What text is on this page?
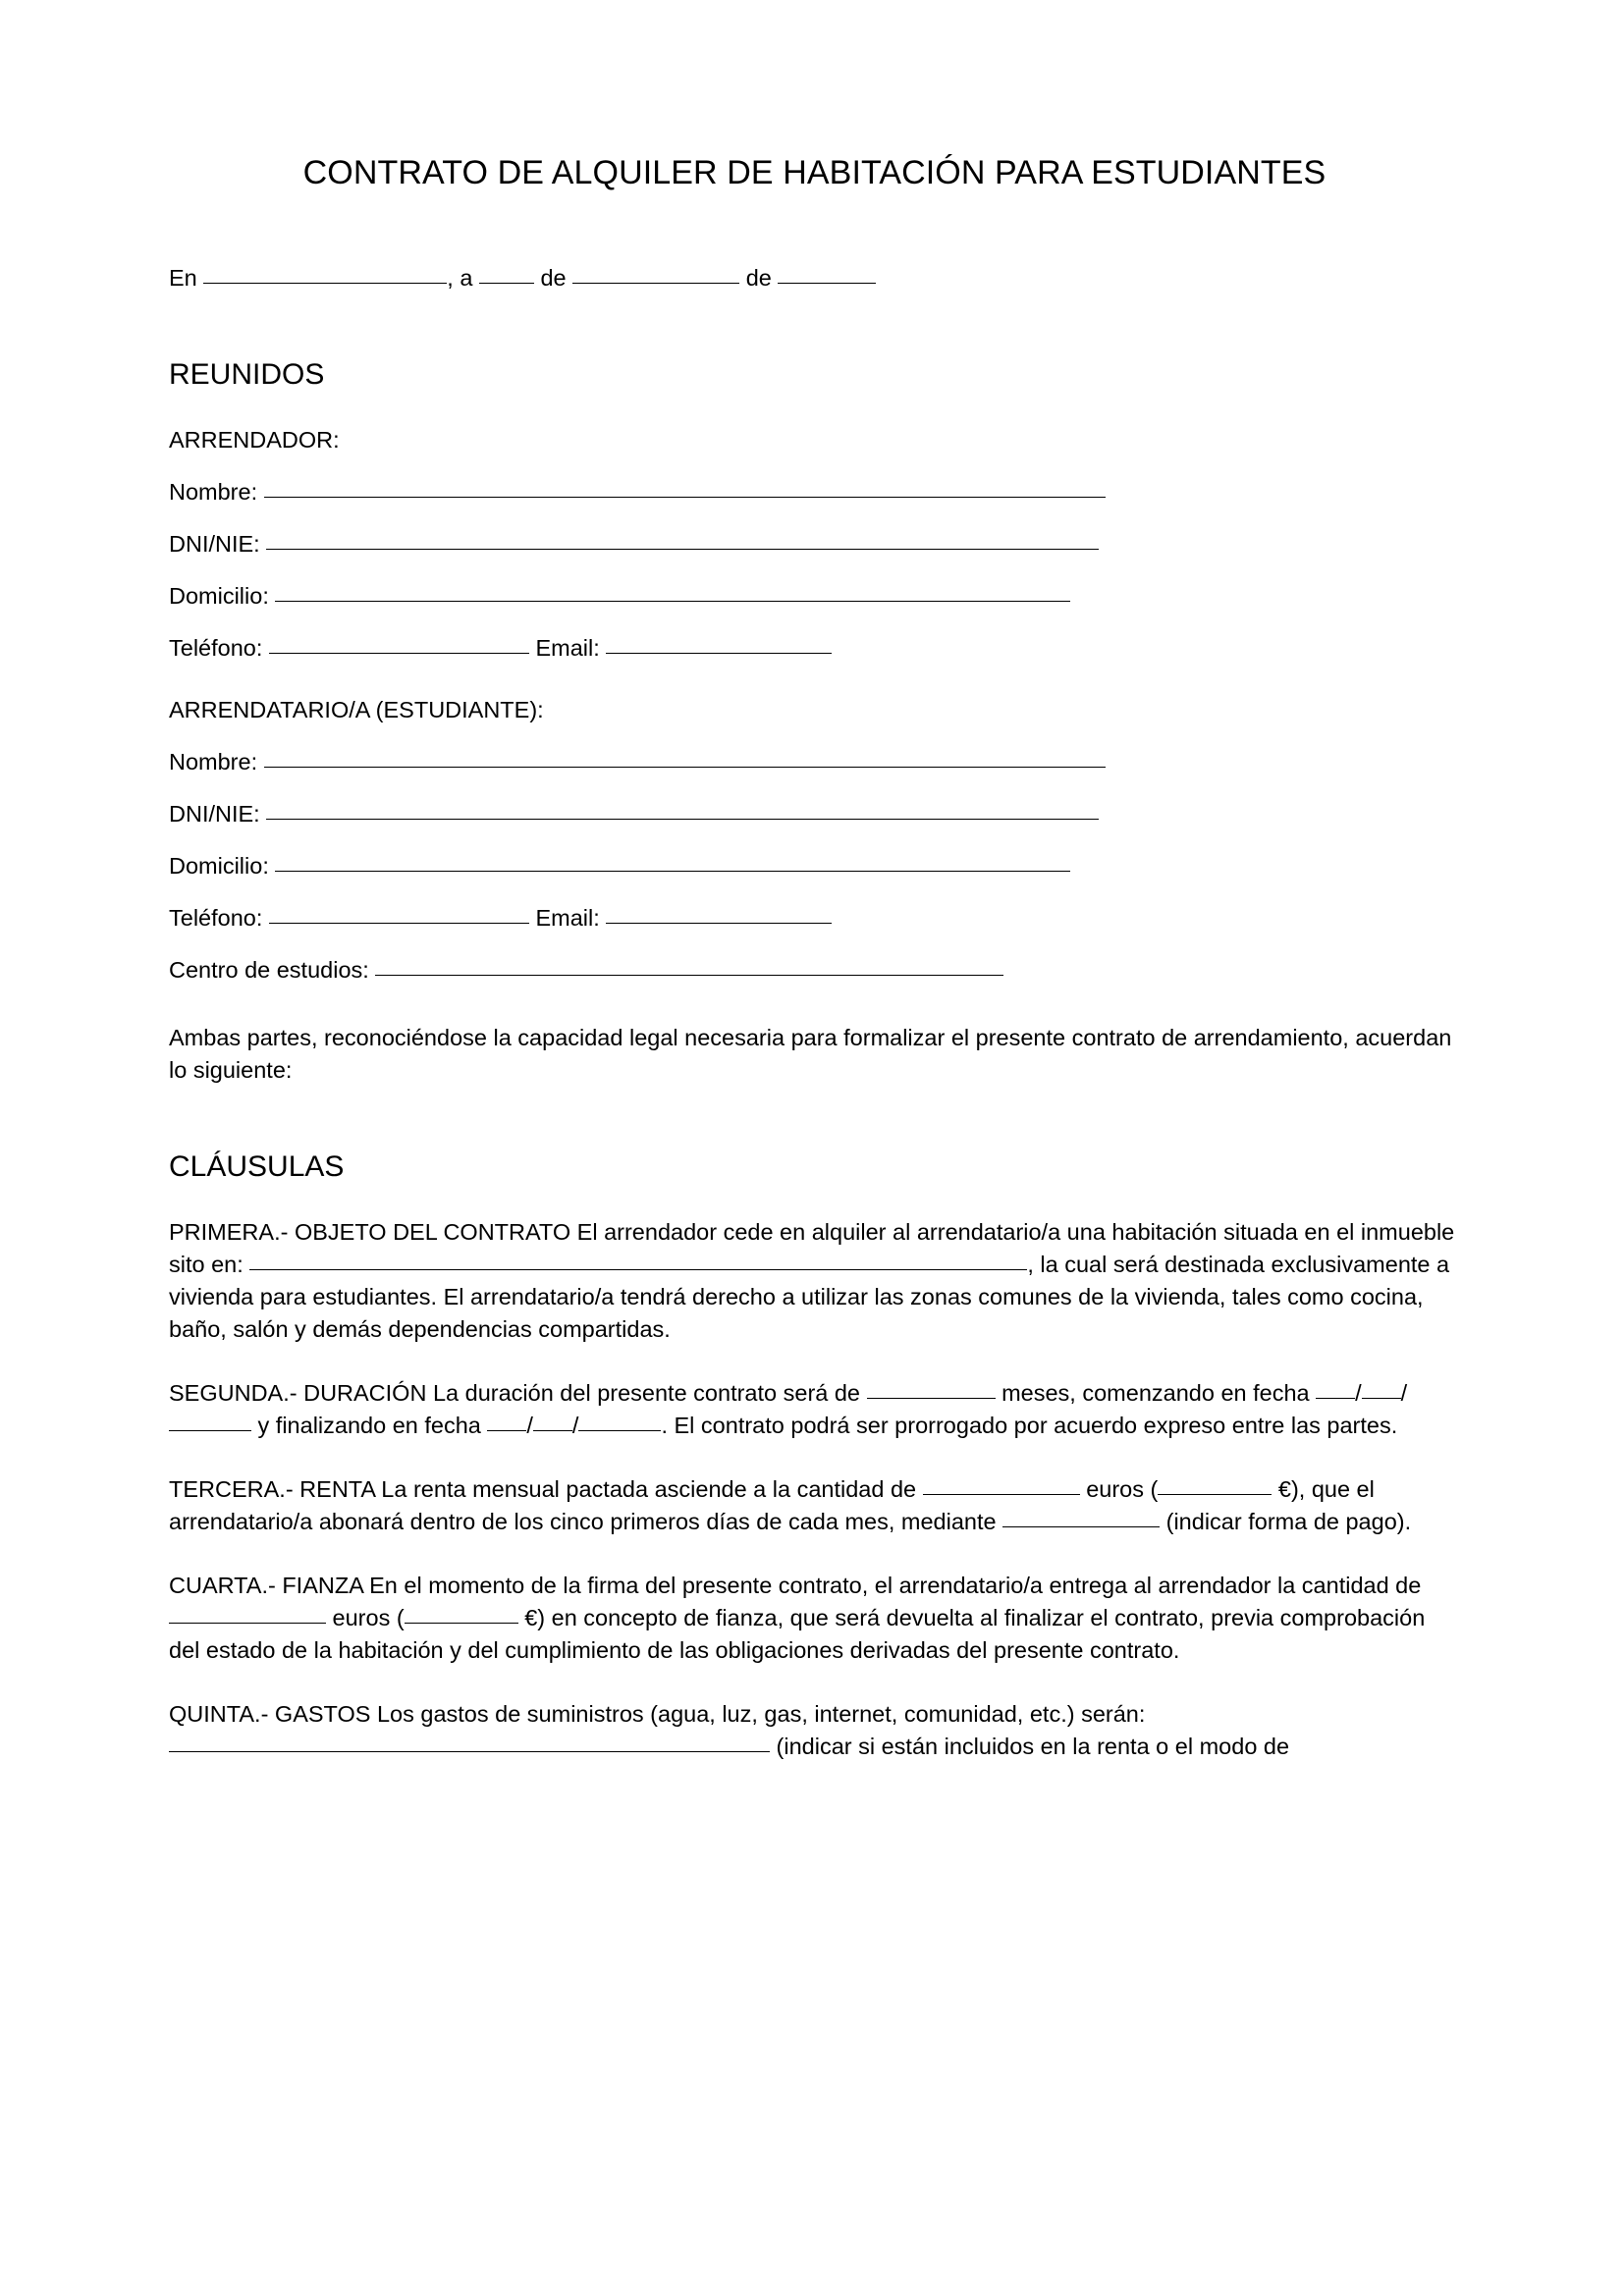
CONTRATO DE ALQUILER DE HABITACIÓN PARA ESTUDIANTES
En	, a	de	de
REUNIDOS
ARRENDADOR:
Nombre:
DNI/NIE:
Domicilio:
Teléfono:	Email:
ARRENDATARIO/A (ESTUDIANTE):
Nombre:
DNI/NIE:
Domicilio:
Teléfono:	Email:
Centro de estudios:
Ambas partes, reconociéndose la capacidad legal necesaria para formalizar el presente contrato de arrendamiento, acuerdan lo siguiente:
CLÁUSULAS
PRIMERA.- OBJETO DEL CONTRATO El arrendador cede en alquiler al arrendatario/a una habitación situada en el inmueble sito en:	, la cual será destinada exclusivamente a vivienda para estudiantes. El arrendatario/a tendrá derecho a utilizar las zonas comunes de la vivienda, tales como cocina, baño, salón y demás dependencias compartidas.
SEGUNDA.- DURACIÓN La duración del presente contrato será de	meses, comenzando en fecha / / y finalizando en fecha / /	. El contrato podrá ser prorrogado por acuerdo expreso entre las partes.
TERCERA.- RENTA La renta mensual pactada asciende a la cantidad de	euros (	€), que el arrendatario/a abonará dentro de los cinco primeros días de cada mes, mediante	(indicar forma de pago).
CUARTA.- FIANZA En el momento de la firma del presente contrato, el arrendatario/a entrega al arrendador la cantidad de  euros (	€) en concepto de fianza, que será devuelta al finalizar el contrato, previa comprobación del estado de la habitación y del cumplimiento de las obligaciones derivadas del presente contrato.
QUINTA.- GASTOS Los gastos de suministros (agua, luz, gas, internet, comunidad, etc.) serán:  (indicar si están incluidos en la renta o el modo de
